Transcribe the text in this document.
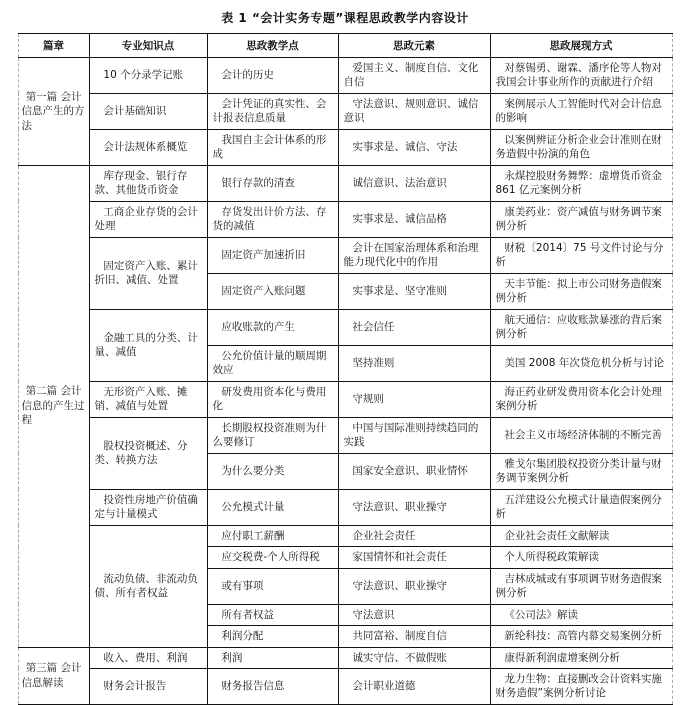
表 1 “会计实务专题”课程思政教学内容设计
篇章	专业知识点	思政教学点	思政元素	思政展现方式
第一篇 会计信息产生的方法	10 个分录学记账	会计的历史	爱国主义、制度自信、文化自信	对蔡锡勇、谢霖、潘序伦等人物对我国会计事业所作的贡献进行介绍
	会计基础知识	会计凭证的真实性、会计报表信息质量	守法意识、规则意识、诚信意识	案例展示人工智能时代对会计信息的影响
	会计法规体系概览	我国自主会计体系的形成	实事求是、诚信、守法	以案例辨证分析企业会计准则在财务造假中扮演的角色
第二篇 会计信息的产生过程	库存现金、银行存款、其他货币资金	银行存款的清查	诚信意识、法治意识	永煤控股财务舞弊：虚增货币资金 861 亿元案例分析
	工商企业存货的会计处理	存货发出计价方法、存货的减值	实事求是、诚信品格	康美药业：资产减值与财务调节案例分析
	固定资产入账、累计折旧、减值、处置	固定资产加速折旧	会计在国家治理体系和治理能力现代化中的作用	财税〔2014〕75 号文件讨论与分析
		固定资产入账问题	实事求是、坚守准则	天丰节能：拟上市公司财务造假案例分析
	金融工具的分类、计量、减值	应收账款的产生	社会信任	航天通信：应收账款暴涨的背后案例分析
		公允价值计量的顺周期效应	坚持准则	美国 2008 年次贷危机分析与讨论
	无形资产入账、摊销、减值与处置	研发费用资本化与费用化	守规则	海正药业研发费用资本化会计处理案例分析
	股权投资概述、分类、转换方法	长期股权投资准则为什么要修订	中国与国际准则持续趋同的实践	社会主义市场经济体制的不断完善
		为什么要分类	国家安全意识、职业情怀	雅戈尔集团股权投资分类计量与财务调节案例分析
	投资性房地产价值确定与计量模式	公允模式计量	守法意识、职业操守	五洋建设公允模式计量造假案例分析
	流动负债、非流动负债、所有者权益	应付职工薪酬	企业社会责任	企业社会责任文献解读
		应交税费-个人所得税	家国情怀和社会责任	个人所得税政策解读
		或有事项	守法意识、职业操守	吉林成城或有事项调节财务造假案例分析
		所有者权益	守法意识	《公司法》解读
		利润分配	共同富裕、制度自信	新纶科技：高管内幕交易案例分析
第三篇 会计信息解读	收入、费用、利润	利润	诚实守信、不做假账	康得新利润虚增案例分析
	财务会计报告	财务报告信息	会计职业道德	龙力生物：直接删改会计资料实施财务造假”案例分析讨论
